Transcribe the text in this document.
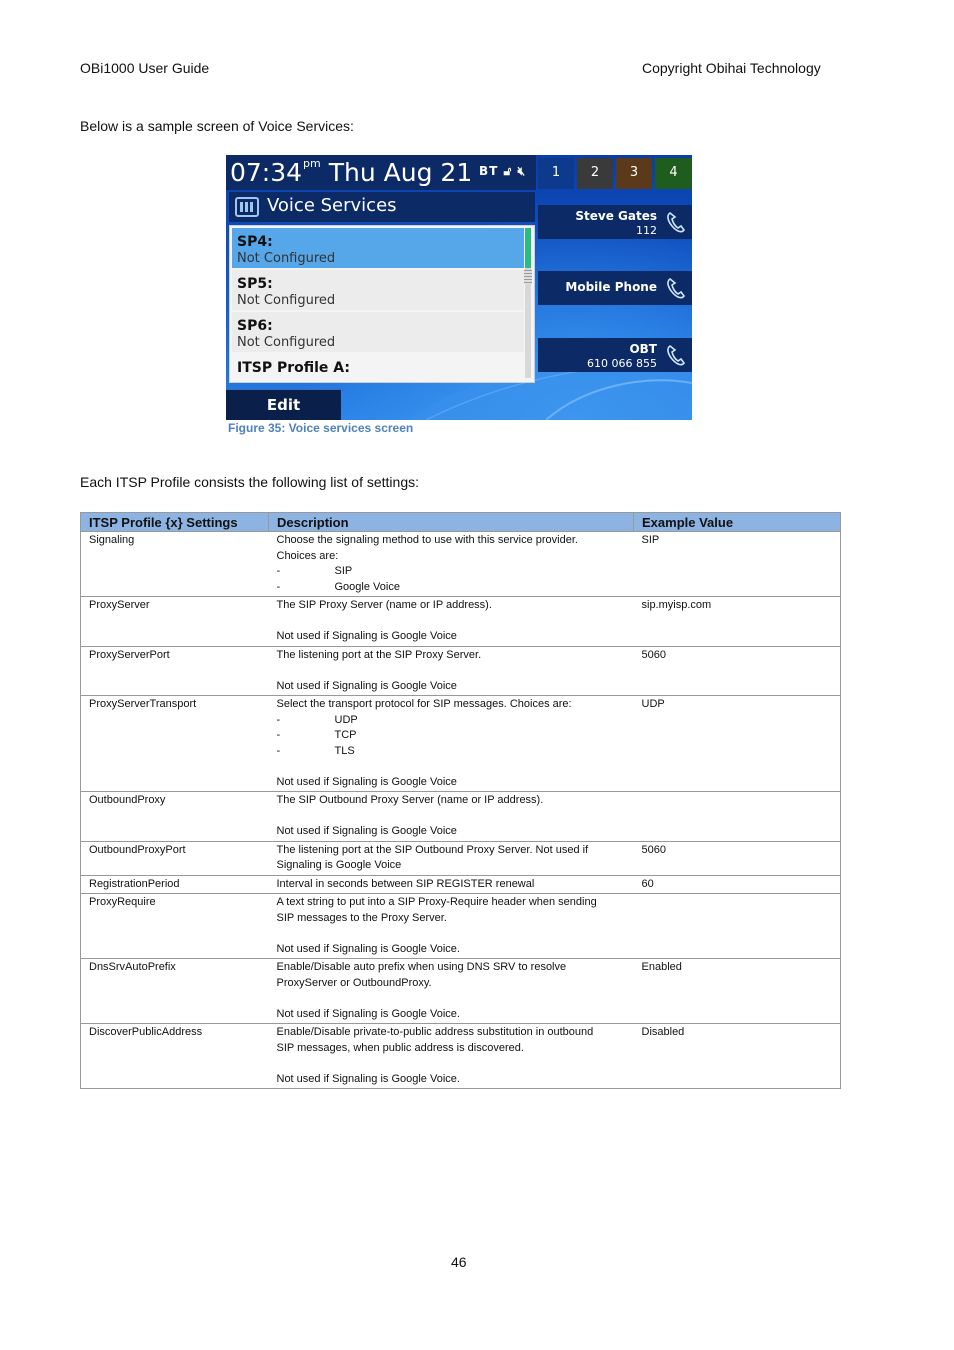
OBi1000 User Guide	Copyright Obihai Technology
Below is a sample screen of Voice Services:
$07:34^{pm}$ Thu Aug 21 BT 🔓︎ 🔇︎	1	2	3	4
Voice Services
SP4:
Not Configured
SP5:
Not Configured
SP6:
Not Configured
ITSP Profile A:
Steve Gates
112
Mobile Phone
OBT
610 066 855
Edit
Figure 35: Voice services screen
Each ITSP Profile consists the following list of settings:
ITSP Profile {x} Settings	Description	Example Value
Signaling	Choose the signaling method to use with this service provider.
Choices are:
- SIP
- Google Voice	SIP
ProxyServer	The SIP Proxy Server (name or IP address).
Not used if Signaling is Google Voice	sip.myisp.com
ProxyServerPort	The listening port at the SIP Proxy Server.
Not used if Signaling is Google Voice	5060
ProxyServerTransport	Select the transport protocol for SIP messages. Choices are:
- UDP
- TCP
- TLS
Not used if Signaling is Google Voice	UDP
OutboundProxy	The SIP Outbound Proxy Server (name or IP address).
Not used if Signaling is Google Voice	

OutboundProxyPort	The listening port at the SIP Outbound Proxy Server. Not used if
Signaling is Google Voice	5060
RegistrationPeriod	Interval in seconds between SIP REGISTER renewal	60
ProxyRequire	A text string to put into a SIP Proxy-Require header when sending
SIP messages to the Proxy Server.
Not used if Signaling is Google Voice.	

DnsSrvAutoPrefix	Enable/Disable auto prefix when using DNS SRV to resolve
ProxyServer or OutboundProxy.
Not used if Signaling is Google Voice.	Enabled
DiscoverPublicAddress	Enable/Disable private-to-public address substitution in outbound
SIP messages, when public address is discovered.
Not used if Signaling is Google Voice.	Disabled
46
